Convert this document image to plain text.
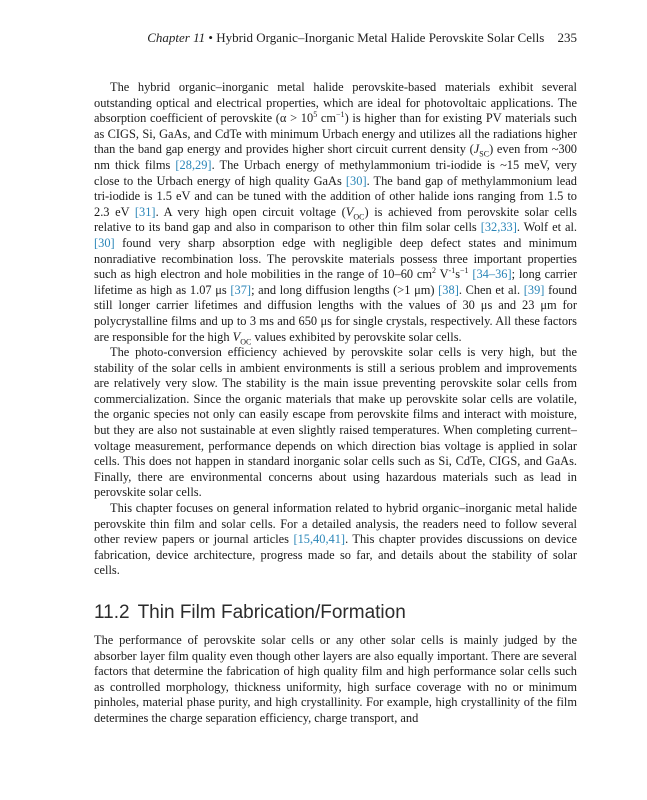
Chapter 11 • Hybrid Organic–Inorganic Metal Halide Perovskite Solar Cells 235

The hybrid organic–inorganic metal halide perovskite-based materials exhibit several outstanding optical and electrical properties, which are ideal for photovoltaic applications. The absorption coefficient of perovskite ($\alpha > 10^5$ $cm^{-1}$) is higher than for existing PV materials such as CIGS, Si, GaAs, and CdTe with minimum Urbach energy and utilizes all the radiations higher than the band gap energy and provides higher short circuit current density $(J_{SC})$ even from ~300 nm thick films [28,29]. The Urbach energy of methylammonium tri-iodide is ~15 meV, very close to the Urbach energy of high quality GaAs [30]. The band gap of methylammonium lead tri-iodide is 1.5 eV and can be tuned with the addition of other halide ions ranging from 1.5 to 2.3 eV [31]. A very high open circuit voltage $(V_{OC})$ is achieved from perovskite solar cells relative to its band gap and also in comparison to other thin film solar cells [32,33]. Wolf et al. [30] found very sharp absorption edge with negligible deep defect states and minimum nonradiative recombination loss. The perovskite materials possess three important properties such as high electron and hole mobilities in the range of 10–60 $cm^2$ $V^{-1}s^{-1}$ [34–36]; long carrier lifetime as high as 1.07 μs [37]; and long diffusion lengths (>1 μm) [38]. Chen et al. [39] found still longer carrier lifetimes and diffusion lengths with the values of 30 μs and 23 μm for polycrystalline films and up to 3 ms and 650 μs for single crystals, respectively. All these factors are responsible for the high $V_{OC}$ values exhibited by perovskite solar cells.

The photo-conversion efficiency achieved by perovskite solar cells is very high, but the stability of the solar cells in ambient environments is still a serious problem and improvements are relatively very slow. The stability is the main issue preventing perovskite solar cells from commercialization. Since the organic materials that make up perovskite solar cells are volatile, the organic species not only can easily escape from perovskite films and interact with moisture, but they are also not sustainable at even slightly raised temperatures. When completing current–voltage measurement, performance depends on which direction bias voltage is applied in solar cells. This does not happen in standard inorganic solar cells such as Si, CdTe, CIGS, and GaAs. Finally, there are environmental concerns about using hazardous materials such as lead in perovskite solar cells.

This chapter focuses on general information related to hybrid organic–inorganic metal halide perovskite thin film and solar cells. For a detailed analysis, the readers need to follow several other review papers or journal articles [15,40,41]. This chapter provides discussions on device fabrication, device architecture, progress made so far, and details about the stability of solar cells.

11.2 Thin Film Fabrication/Formation

The performance of perovskite solar cells or any other solar cells is mainly judged by the absorber layer film quality even though other layers are also equally important. There are several factors that determine the fabrication of high quality film and high performance solar cells such as controlled morphology, thickness uniformity, high surface coverage with no or minimum pinholes, material phase purity, and high crystallinity. For example, high crystallinity of the film determines the charge separation efficiency, charge transport, and
